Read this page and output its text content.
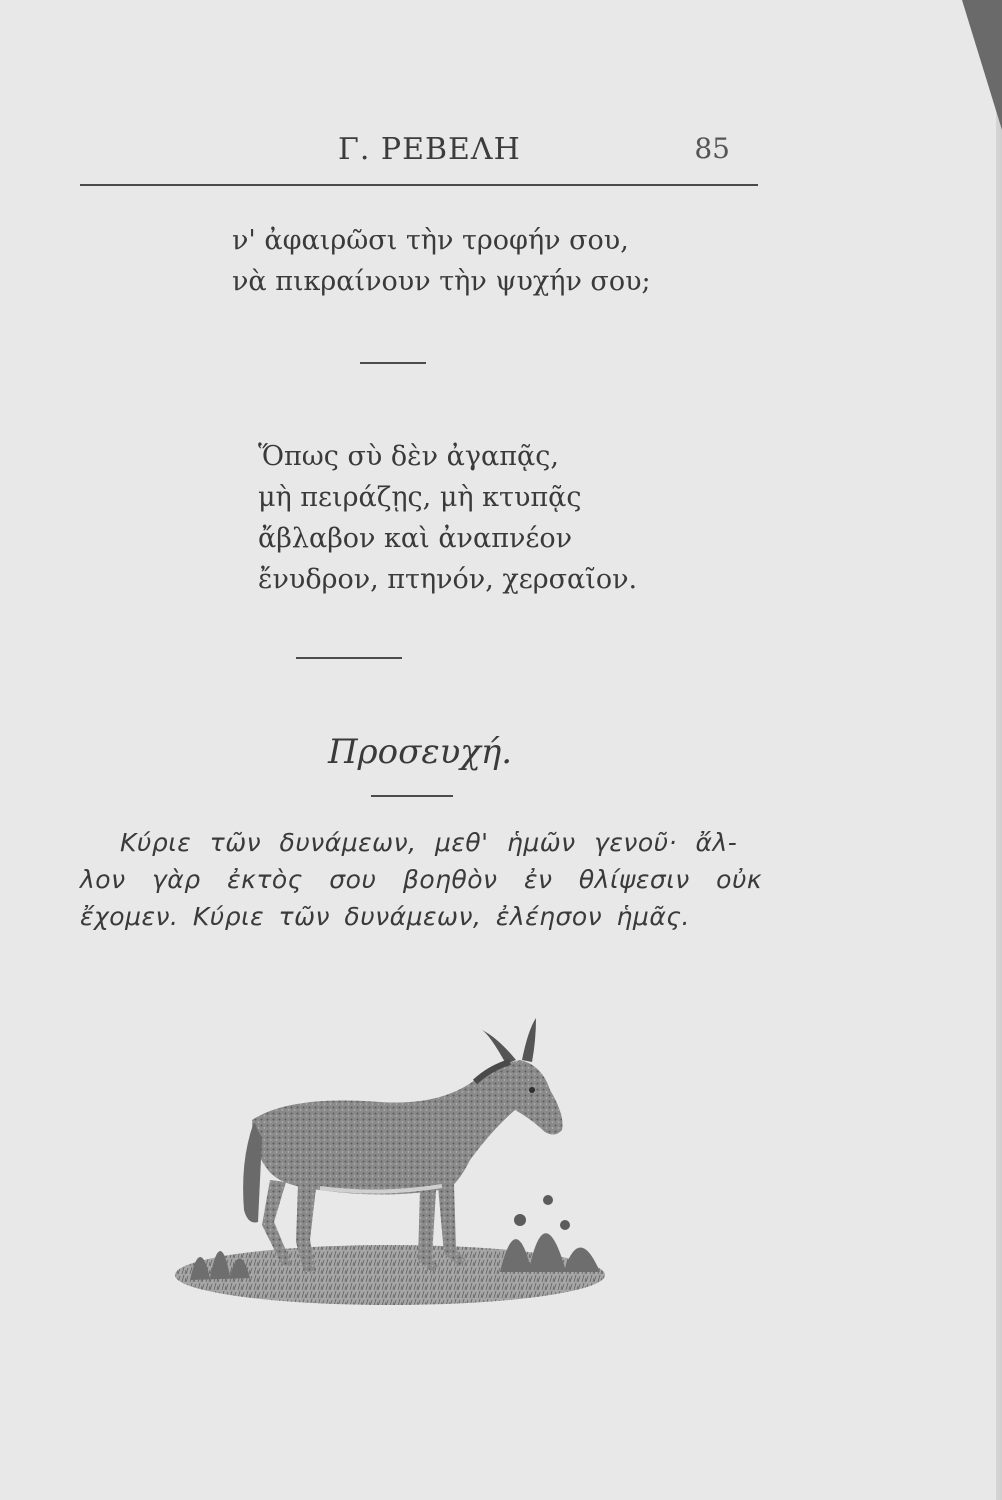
Γ. ΡΕΒΕΛΗ	85
ν' ἀφαιρῶσι τὴν τροφήν σου,
νὰ πικραίνουν τὴν ψυχήν σου;
Ὅπως σὺ δὲν ἀγαπᾷς,
μὴ πειράζῃς, μὴ κτυπᾷς
ἄβλαβον καὶ ἀναπνέον
ἔνυδρον, πτηνόν, χερσαῖον.
Προσευχή.
Κύριε τῶν δυνάμεων, μεθ' ἡμῶν γενοῦ· ἄλ-
λον γὰρ ἐκτὸς σου βοηθὸν ἐν θλίψεσιν οὐκ
ἔχομεν. Κύριε τῶν δυνάμεων, ἐλέησον ἡμᾶς.
